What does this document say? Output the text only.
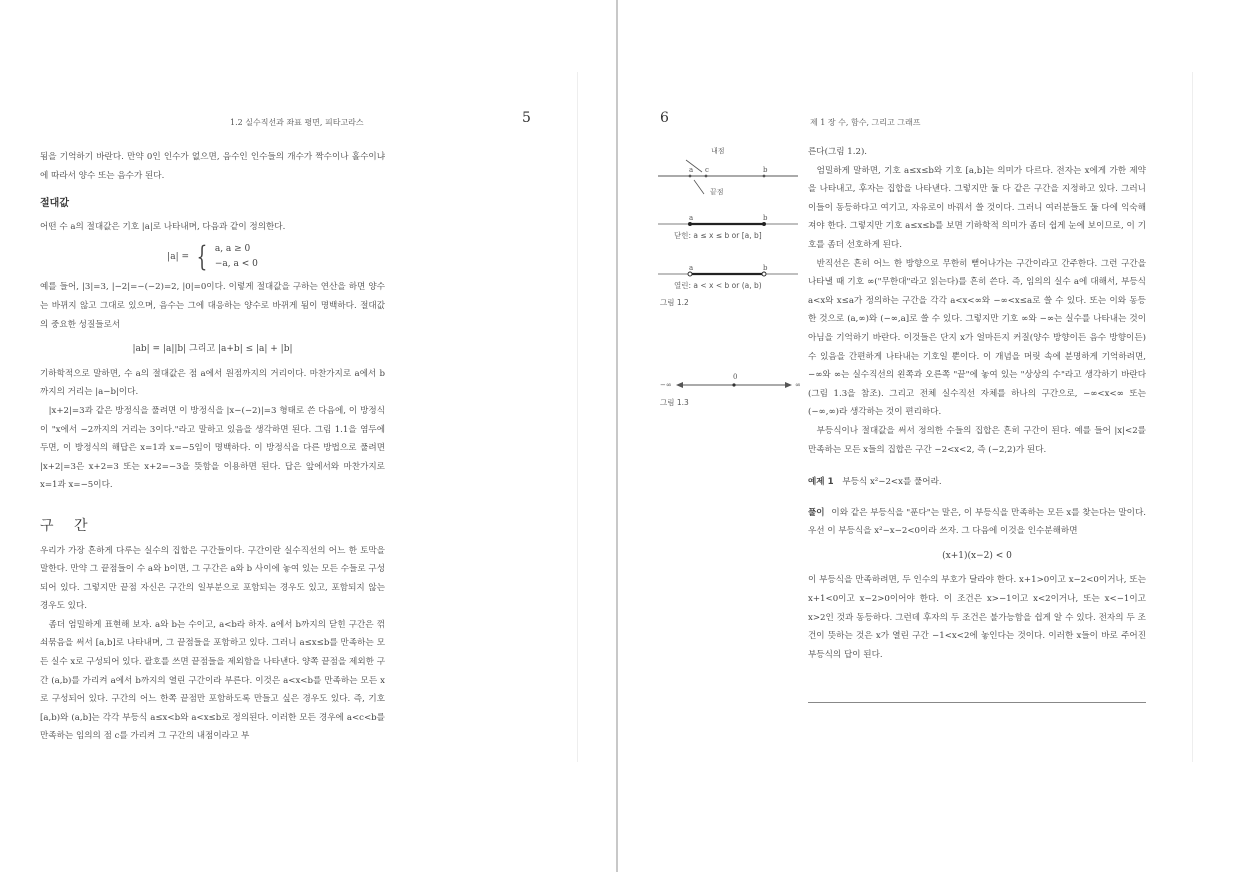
1.2 실수직선과 좌표 평면, 피타고라스	5

됨을 기억하기 바란다. 만약 0인 인수가 없으면, 음수인 인수들의 개수가 짝수이나 홀수이냐에 따라서 양수 또는 음수가 된다.

절대값

어떤 수 a의 절대값은 기호 |a|로 나타내며, 다음과 같이 정의한다.

|a| = { a, a ≥ 0
−a, a < 0

예를 들어, |3|=3, |−2|=−(−2)=2, |0|=0이다. 이렇게 절대값을 구하는 연산을 하면 양수는 바뀌지 않고 그대로 있으며, 음수는 그에 대응하는 양수로 바뀌게 됨이 명백하다. 절대값의 중요한 성질들로서

|ab| = |a||b| 그리고 |a+b| ≤ |a| + |b|

기하학적으로 말하면, 수 a의 절대값은 점 a에서 원점까지의 거리이다. 마찬가지로 a에서 b까지의 거리는 |a−b|이다.

|x+2|=3과 같은 방정식을 풀려면 이 방정식을 |x−(−2)|=3 형태로 쓴 다음에, 이 방정식이 "x에서 −2까지의 거리는 3이다."라고 말하고 있음을 생각하면 된다. 그림 1.1을 염두에 두면, 이 방정식의 해답은 x=1과 x=−5임이 명백하다. 이 방정식을 다른 방법으로 풀려면 |x+2|=3은 x+2=3 또는 x+2=−3을 뜻함을 이용하면 된다. 답은 앞에서와 마찬가지로 x=1과 x=−5이다.

구 간

우리가 가장 흔하게 다루는 실수의 집합은 구간들이다. 구간이란 실수직선의 어느 한 토막을 말한다. 만약 그 끝점들이 수 a와 b이면, 그 구간은 a와 b 사이에 놓여 있는 모든 수들로 구성되어 있다. 그렇지만 끝점 자신은 구간의 일부분으로 포함되는 경우도 있고, 포함되지 않는 경우도 있다.

좀더 엄밀하게 표현해 보자. a와 b는 수이고, a<b라 하자. a에서 b까지의 닫힌 구간은 꺾쇠묶음을 써서 [a,b]로 나타내며, 그 끝점들을 포함하고 있다. 그러니 a≤x≤b를 만족하는 모든 실수 x로 구성되어 있다. 괄호를 쓰면 끝점들을 제외함을 나타낸다. 양쪽 끝점을 제외한 구간 (a,b)를 가리켜 a에서 b까지의 열린 구간이라 부른다. 이것은 a<x<b를 만족하는 모든 x로 구성되어 있다. 구간의 어느 한쪽 끝점만 포함하도록 만들고 싶은 경우도 있다. 즉, 기호 [a,b)와 (a,b]는 각각 부등식 a≤x<b와 a<x≤b로 정의된다. 이러한 모든 경우에 a<c<b를 만족하는 임의의 점 c를 가리켜 그 구간의 내점이라고 부

6	제 1 장 수, 함수, 그리고 그래프
내점
끝점
a c	b
a	b
닫힌: a ≤ x ≤ b or [a, b]
a	b
열린: a < x < b or (a, b)
그림 1.2
−∞
0
∞
그림 1.3

른다(그림 1.2).

엄밀하게 말하면, 기호 a≤x≤b와 기호 [a,b]는 의미가 다르다. 전자는 x에게 가한 제약을 나타내고, 후자는 집합을 나타낸다. 그렇지만 둘 다 같은 구간을 지정하고 있다. 그러니 이들이 동등하다고 여기고, 자유로이 바꿔서 쓸 것이다. 그러니 여러분들도 둘 다에 익숙해져야 한다. 그렇지만 기호 a≤x≤b를 보면 기하학적 의미가 좀더 쉽게 눈에 보이므로, 이 기호를 좀더 선호하게 된다.

반직선은 흔히 어느 한 방향으로 무한히 뻗어나가는 구간이라고 간주한다. 그런 구간을 나타낼 때 기호 ∞("무한대"라고 읽는다)를 흔히 쓴다. 즉, 임의의 실수 a에 대해서, 부등식 a<x와 x≤a가 정의하는 구간을 각각 a<x<∞와 −∞<x≤a로 쓸 수 있다. 또는 이와 동등한 것으로 (a,∞)와 (−∞,a]로 쓸 수 있다. 그렇지만 기호 ∞와 −∞는 실수를 나타내는 것이 아님을 기억하기 바란다. 이것들은 단지 x가 얼마든지 커질(양수 방향이든 음수 방향이든) 수 있음을 간편하게 나타내는 기호일 뿐이다. 이 개념을 머릿 속에 분명하게 기억하려면, −∞와 ∞는 실수직선의 왼쪽과 오른쪽 "끝"에 놓여 있는 "상상의 수"라고 생각하기 바란다(그림 1.3을 참조). 그리고 전체 실수직선 자체를 하나의 구간으로, −∞<x<∞ 또는 (−∞,∞)라 생각하는 것이 편리하다.

부등식이나 절대값을 써서 정의한 수들의 집합은 흔히 구간이 된다. 예를 들어 |x|<2를 만족하는 모든 x들의 집합은 구간 −2<x<2, 즉 (−2,2)가 된다.

예제 1 부등식 x²−2<x를 풀어라.

풀이 이와 같은 부등식을 "푼다"는 말은, 이 부등식을 만족하는 모든 x를 찾는다는 말이다. 우선 이 부등식을 x²−x−2<0이라 쓰자. 그 다음에 이것을 인수분해하면

(x+1)(x−2) < 0

이 부등식을 만족하려면, 두 인수의 부호가 달라야 한다. x+1>0이고 x−2<0이거나, 또는 x+1<0이고 x−2>0이어야 한다. 이 조건은 x>−1이고 x<2이거나, 또는 x<−1이고 x>2인 것과 동등하다. 그런데 후자의 두 조건은 불가능함을 쉽게 알 수 있다. 전자의 두 조건이 뜻하는 것은 x가 열린 구간 −1<x<2에 놓인다는 것이다. 이러한 x들이 바로 주어진 부등식의 답이 된다.
